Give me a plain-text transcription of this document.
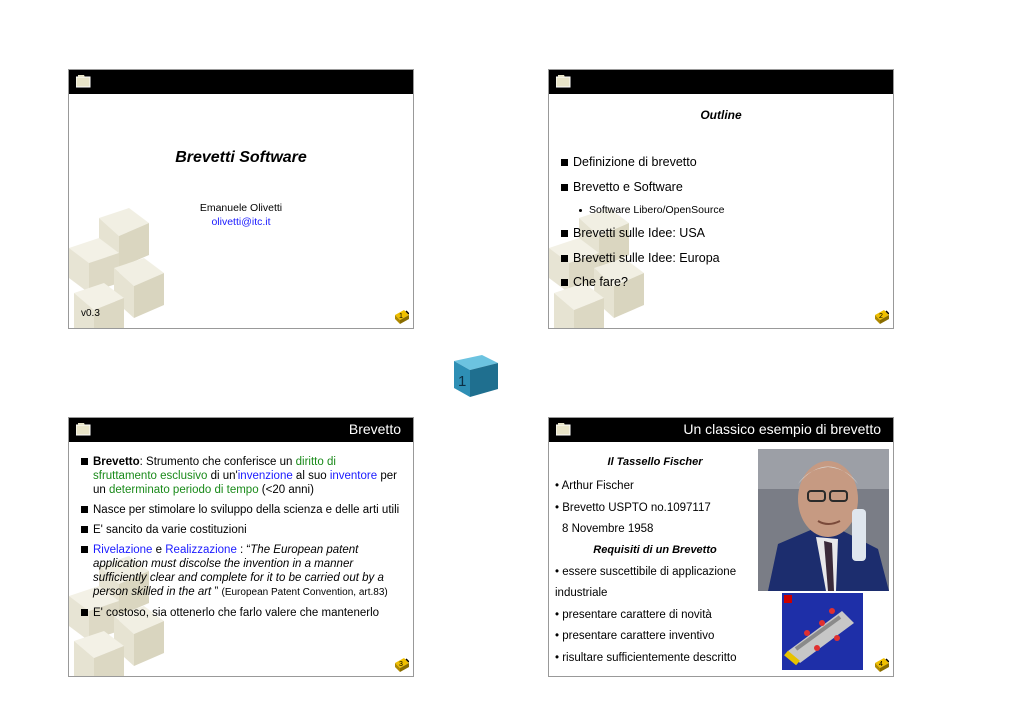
Brevetti Software
Emanuele Olivetti
olivetti@itc.it
v0.3	1
Outline
Definizione di brevetto
Brevetto e Software
Software Libero/OpenSource
Brevetti sulle Idee: USA
Brevetti sulle Idee: Europa
Che fare?
2
1
Brevetto
Brevetto: Strumento che conferisce un diritto di sfruttamento esclusivo di un'invenzione al suo inventore per un determinato periodo di tempo (<20 anni)
Nasce per stimolare lo sviluppo della scienza e delle arti utili
E' sancito da varie costituzioni
Rivelazione e Realizzazione : “The European patent application must discolse the invention in a manner sufficiently clear and complete for it to be carried out by a person skilled in the art ” (European Patent Convention, art.83)
E' costoso, sia ottenerlo che farlo valere che mantenerlo
3
Un classico esempio di brevetto
Il Tassello Fischer
• Arthur Fischer
• Brevetto USPTO no.1097117
8 Novembre 1958
Requisiti di un Brevetto
• essere suscettibile di applicazione
industriale
• presentare carattere di novità
• presentare carattere inventivo
• risultare sufficientemente descritto
4
